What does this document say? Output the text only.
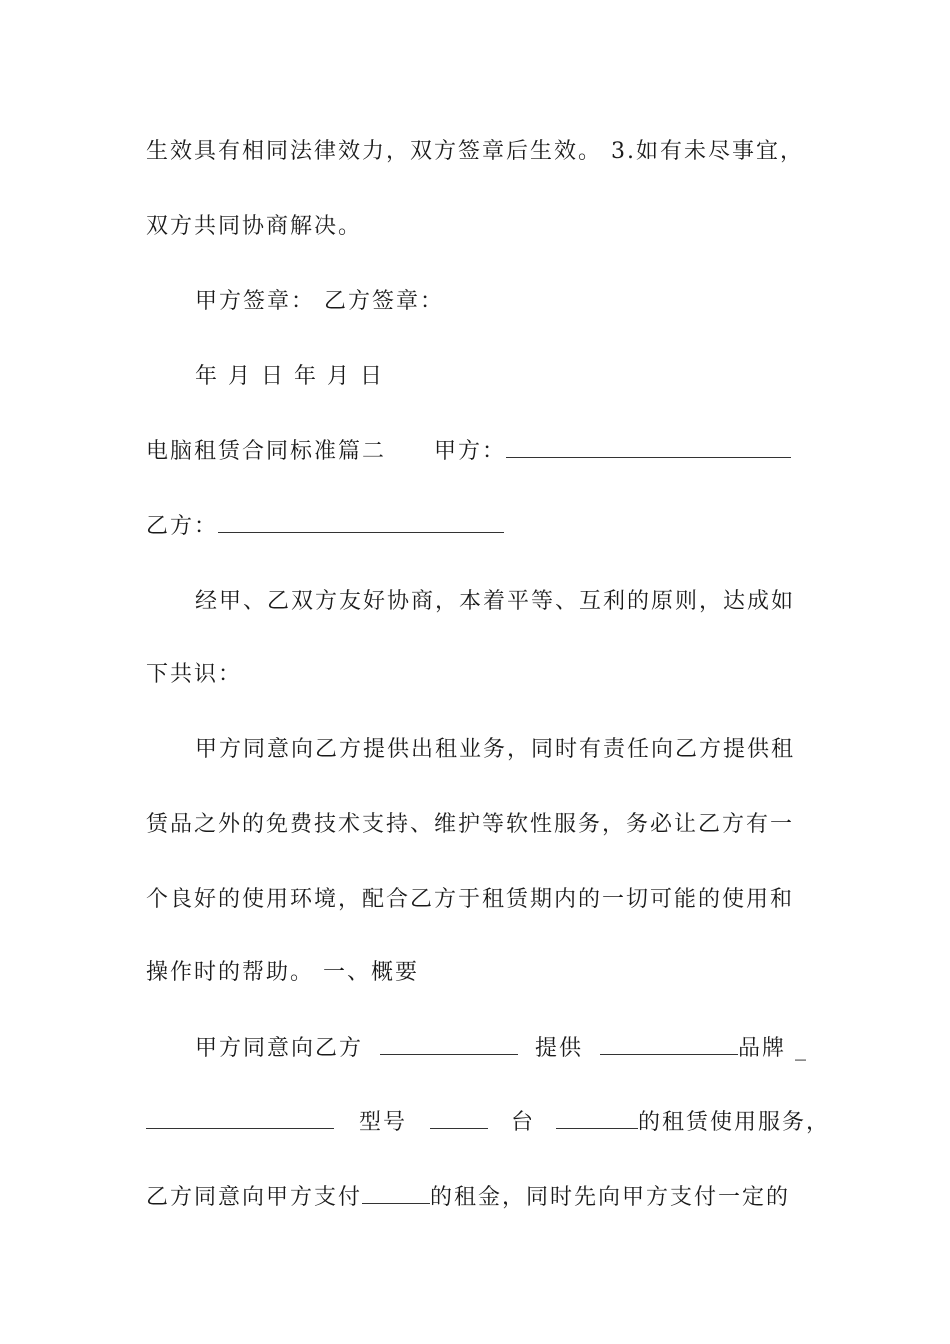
生效具有相同法律效力，双方签章后生效。 3.如有未尽事宜，
双方共同协商解决。
甲方签章： 乙方签章：
年 月 日 年 月 日
电脑租赁合同标准篇二 甲方：
乙方：
经甲、乙双方友好协商，本着平等、互利的原则，达成如
下共识：
甲方同意向乙方提供出租业务，同时有责任向乙方提供租
赁品之外的免费技术支持、维护等软性服务，务必让乙方有一
个良好的使用环境，配合乙方于租赁期内的一切可能的使用和
操作时的帮助。 一、概要
甲方同意向乙方	提供	品牌 _
型号	台	的租赁使用服务，
乙方同意向甲方支付	的租金，同时先向甲方支付一定的
